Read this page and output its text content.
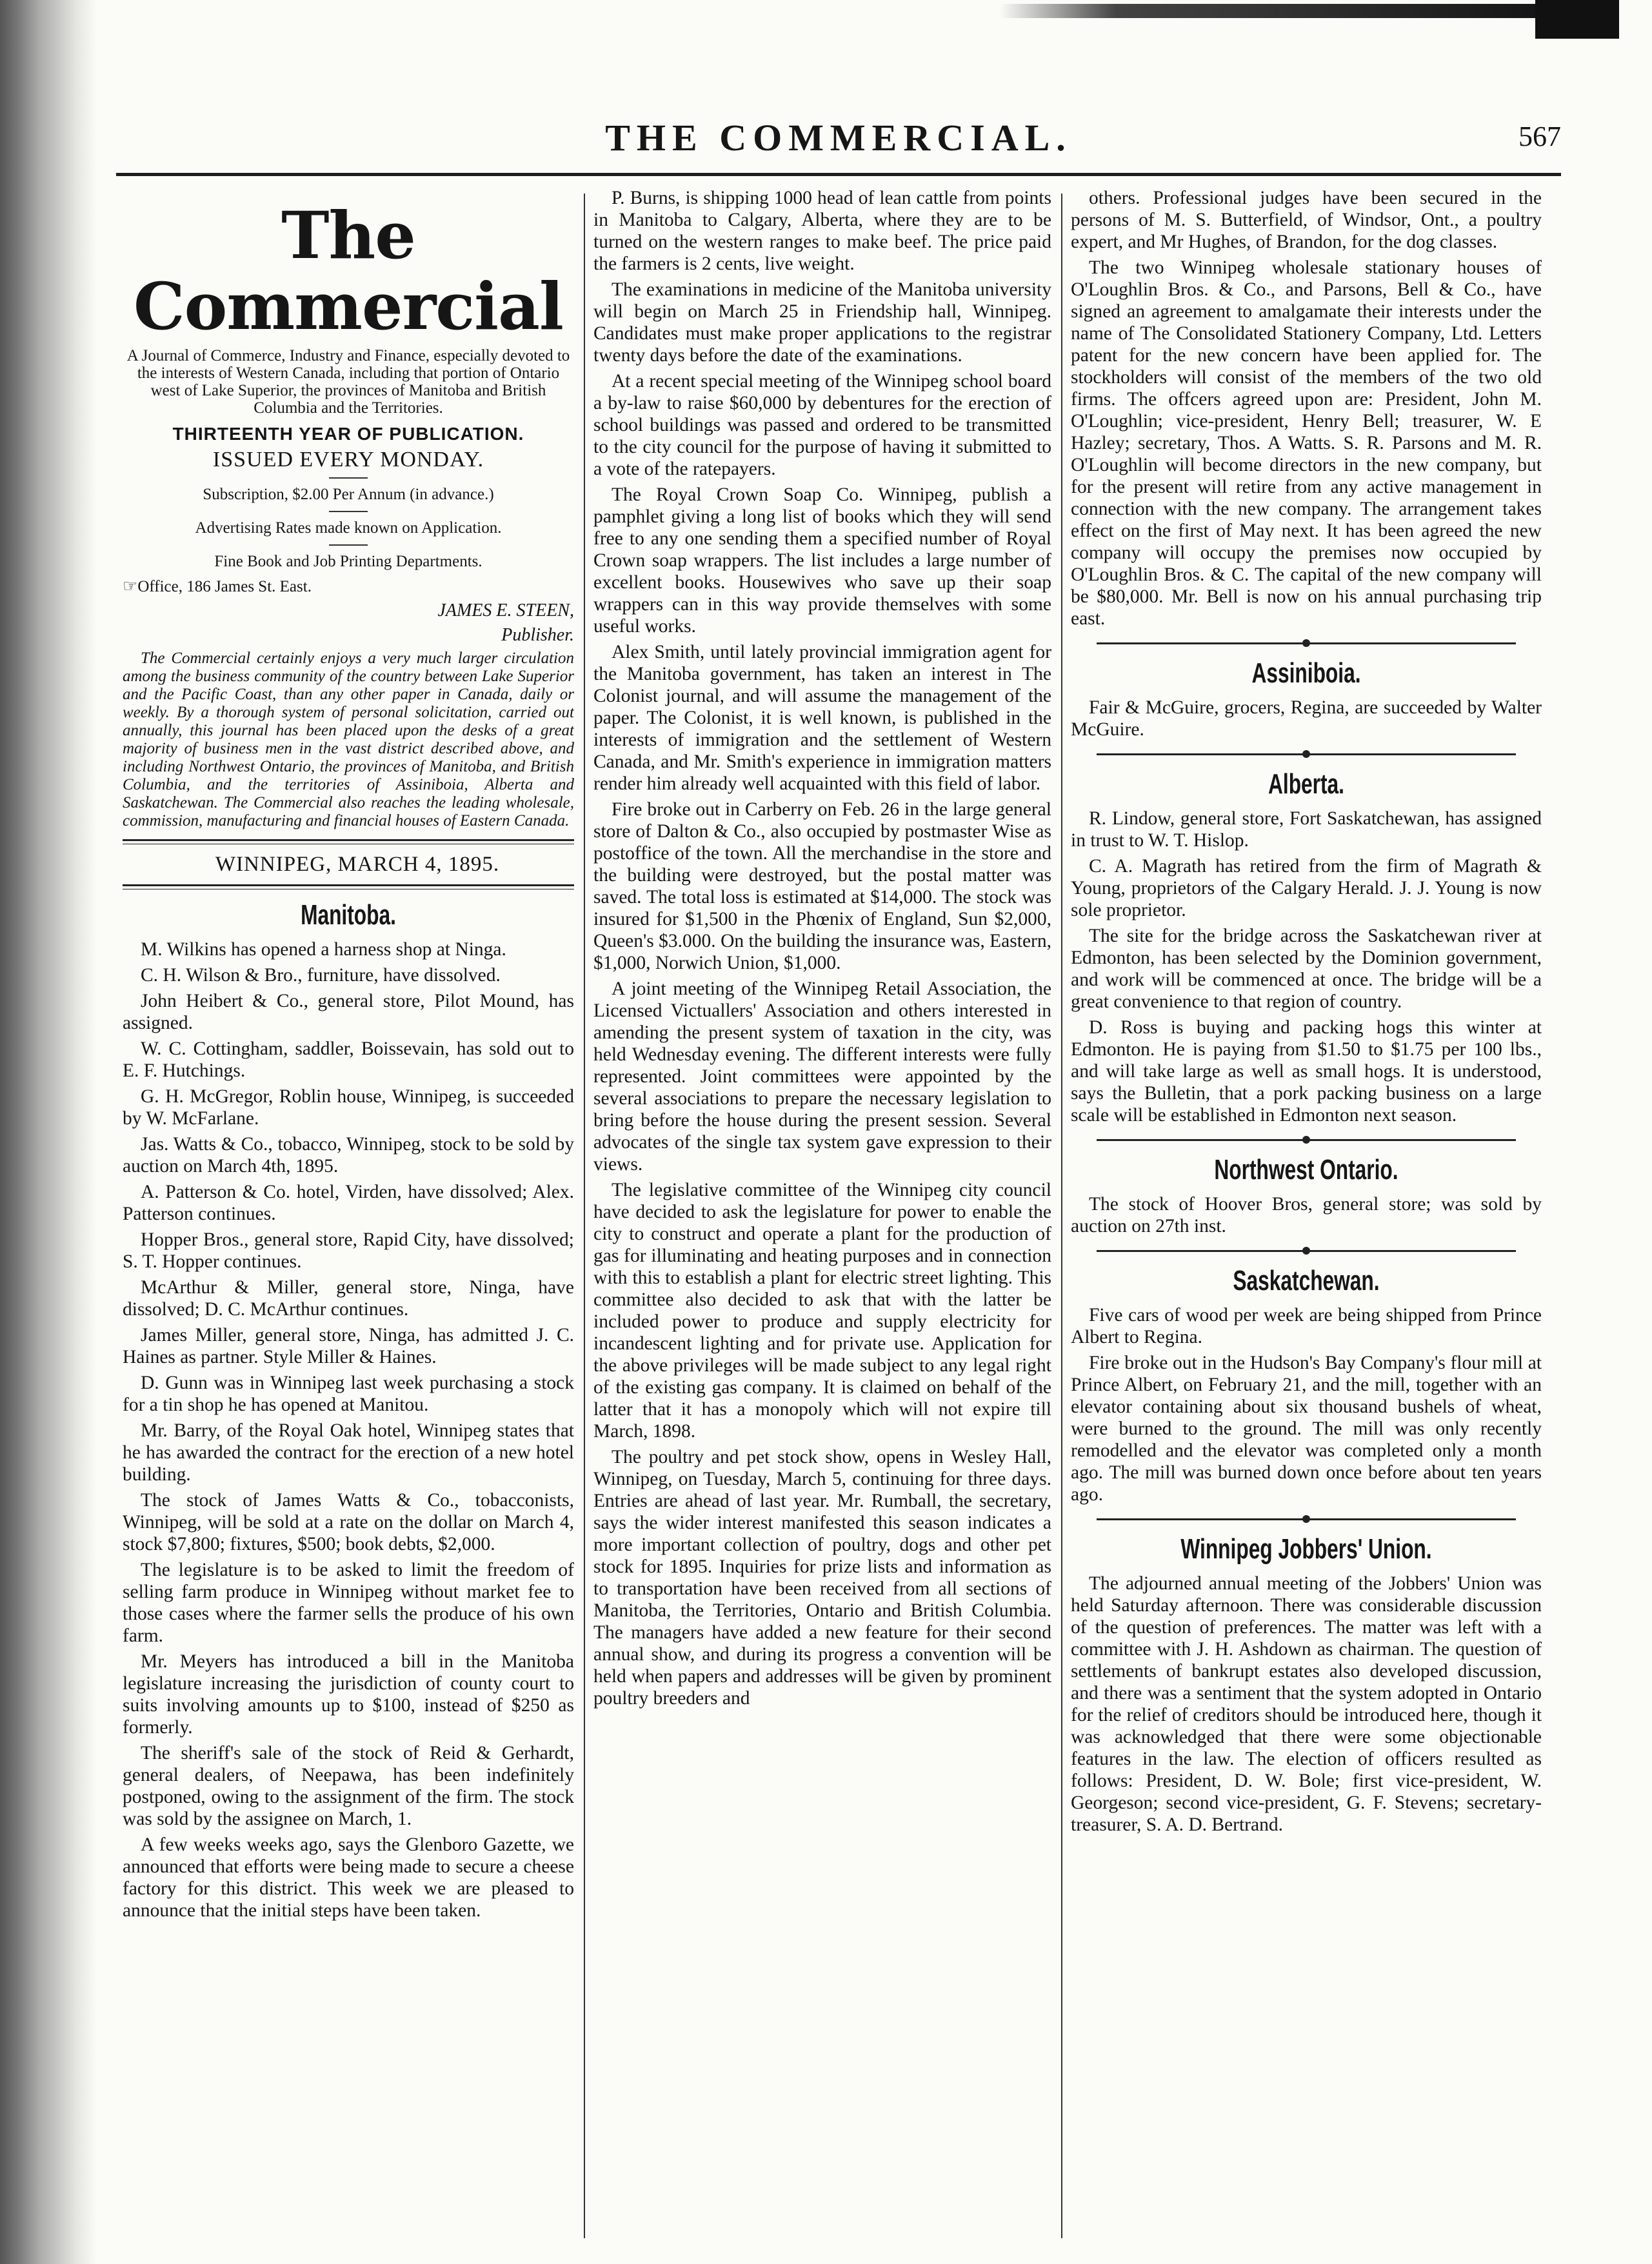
THE COMMERCIAL.	567
The Commercial

A Journal of Commerce, Industry and Finance, especially devoted to the interests of Western Canada, including that portion of Ontario west of Lake Superior, the provinces of Manitoba and British Columbia and the Territories.

THIRTEENTH YEAR OF PUBLICATION.

ISSUED EVERY MONDAY.

Subscription, $2.00 Per Annum (in advance.)

Advertising Rates made known on Application.

Fine Book and Job Printing Departments.

☞Office, 186 James St. East.

JAMES E. STEEN,

Publisher.

The Commercial certainly enjoys a very much larger circulation among the business community of the country between Lake Superior and the Pacific Coast, than any other paper in Canada, daily or weekly. By a thorough system of personal solicitation, carried out annually, this journal has been placed upon the desks of a great majority of business men in the vast district described above, and including Northwest Ontario, the provinces of Manitoba, and British Columbia, and the territories of Assiniboia, Alberta and Saskatchewan. The Commercial also reaches the leading wholesale, commission, manufacturing and financial houses of Eastern Canada.

WINNIPEG, MARCH 4, 1895.

Manitoba.

M. Wilkins has opened a harness shop at Ninga.

C. H. Wilson & Bro., furniture, have dissolved.

John Heibert & Co., general store, Pilot Mound, has assigned.

W. C. Cottingham, saddler, Boissevain, has sold out to E. F. Hutchings.

G. H. McGregor, Roblin house, Winnipeg, is succeeded by W. McFarlane.

Jas. Watts & Co., tobacco, Winnipeg, stock to be sold by auction on March 4th, 1895.

A. Patterson & Co. hotel, Virden, have dissolved; Alex. Patterson continues.

Hopper Bros., general store, Rapid City, have dissolved; S. T. Hopper continues.

McArthur & Miller, general store, Ninga, have dissolved; D. C. McArthur continues.

James Miller, general store, Ninga, has admitted J. C. Haines as partner. Style Miller & Haines.

D. Gunn was in Winnipeg last week purchasing a stock for a tin shop he has opened at Manitou.

Mr. Barry, of the Royal Oak hotel, Winnipeg states that he has awarded the contract for the erection of a new hotel building.

The stock of James Watts & Co., tobacconists, Winnipeg, will be sold at a rate on the dollar on March 4, stock $7,800; fixtures, $500; book debts, $2,000.

The legislature is to be asked to limit the freedom of selling farm produce in Winnipeg without market fee to those cases where the farmer sells the produce of his own farm.

Mr. Meyers has introduced a bill in the Manitoba legislature increasing the jurisdiction of county court to suits involving amounts up to $100, instead of $250 as formerly.

The sheriff's sale of the stock of Reid & Gerhardt, general dealers, of Neepawa, has been indefinitely postponed, owing to the assignment of the firm. The stock was sold by the assignee on March, 1.

A few weeks weeks ago, says the Glenboro Gazette, we announced that efforts were being made to secure a cheese factory for this district. This week we are pleased to announce that the initial steps have been taken.

P. Burns, is shipping 1000 head of lean cattle from points in Manitoba to Calgary, Alberta, where they are to be turned on the western ranges to make beef. The price paid the farmers is 2 cents, live weight.

The examinations in medicine of the Manitoba university will begin on March 25 in Friendship hall, Winnipeg. Candidates must make proper applications to the registrar twenty days before the date of the examinations.

At a recent special meeting of the Winnipeg school board a by-law to raise $60,000 by debentures for the erection of school buildings was passed and ordered to be transmitted to the city council for the purpose of having it submitted to a vote of the ratepayers.

The Royal Crown Soap Co. Winnipeg, publish a pamphlet giving a long list of books which they will send free to any one sending them a specified number of Royal Crown soap wrappers. The list includes a large number of excellent books. Housewives who save up their soap wrappers can in this way provide themselves with some useful works.

Alex Smith, until lately provincial immigration agent for the Manitoba government, has taken an interest in The Colonist journal, and will assume the management of the paper. The Colonist, it is well known, is published in the interests of immigration and the settlement of Western Canada, and Mr. Smith's experience in immigration matters render him already well acquainted with this field of labor.

Fire broke out in Carberry on Feb. 26 in the large general store of Dalton & Co., also occupied by postmaster Wise as postoffice of the town. All the merchandise in the store and the building were destroyed, but the postal matter was saved. The total loss is estimated at $14,000. The stock was insured for $1,500 in the Phœnix of England, Sun $2,000, Queen's $3.000. On the building the insurance was, Eastern, $1,000, Norwich Union, $1,000.

A joint meeting of the Winnipeg Retail Association, the Licensed Victuallers' Association and others interested in amending the present system of taxation in the city, was held Wednesday evening. The different interests were fully represented. Joint committees were appointed by the several associations to prepare the necessary legislation to bring before the house during the present session. Several advocates of the single tax system gave expression to their views.

The legislative committee of the Winnipeg city council have decided to ask the legislature for power to enable the city to construct and operate a plant for the production of gas for illuminating and heating purposes and in connection with this to establish a plant for electric street lighting. This committee also decided to ask that with the latter be included power to produce and supply electricity for incandescent lighting and for private use. Application for the above privileges will be made subject to any legal right of the existing gas company. It is claimed on behalf of the latter that it has a monopoly which will not expire till March, 1898.

The poultry and pet stock show, opens in Wesley Hall, Winnipeg, on Tuesday, March 5, continuing for three days. Entries are ahead of last year. Mr. Rumball, the secretary, says the wider interest manifested this season indicates a more important collection of poultry, dogs and other pet stock for 1895. Inquiries for prize lists and information as to transportation have been received from all sections of Manitoba, the Territories, Ontario and British Columbia. The managers have added a new feature for their second annual show, and during its progress a convention will be held when papers and addresses will be given by prominent poultry breeders and

others. Professional judges have been secured in the persons of M. S. Butterfield, of Windsor, Ont., a poultry expert, and Mr Hughes, of Brandon, for the dog classes.

The two Winnipeg wholesale stationary houses of O'Loughlin Bros. & Co., and Parsons, Bell & Co., have signed an agreement to amalgamate their interests under the name of The Consolidated Stationery Company, Ltd. Letters patent for the new concern have been applied for. The stockholders will consist of the members of the two old firms. The offcers agreed upon are: President, John M. O'Loughlin; vice-president, Henry Bell; treasurer, W. E Hazley; secretary, Thos. A Watts. S. R. Parsons and M. R. O'Loughlin will become directors in the new company, but for the present will retire from any active management in connection with the new company. The arrangement takes effect on the first of May next. It has been agreed the new company will occupy the premises now occupied by O'Loughlin Bros. & C. The capital of the new company will be $80,000. Mr. Bell is now on his annual purchasing trip east.

Assiniboia.

Fair & McGuire, grocers, Regina, are succeeded by Walter McGuire.

Alberta.

R. Lindow, general store, Fort Saskatchewan, has assigned in trust to W. T. Hislop.

C. A. Magrath has retired from the firm of Magrath & Young, proprietors of the Calgary Herald. J. J. Young is now sole proprietor.

The site for the bridge across the Saskatchewan river at Edmonton, has been selected by the Dominion government, and work will be commenced at once. The bridge will be a great convenience to that region of country.

D. Ross is buying and packing hogs this winter at Edmonton. He is paying from $1.50 to $1.75 per 100 lbs., and will take large as well as small hogs. It is understood, says the Bulletin, that a pork packing business on a large scale will be established in Edmonton next season.

Northwest Ontario.

The stock of Hoover Bros, general store; was sold by auction on 27th inst.

Saskatchewan.

Five cars of wood per week are being shipped from Prince Albert to Regina.

Fire broke out in the Hudson's Bay Company's flour mill at Prince Albert, on February 21, and the mill, together with an elevator containing about six thousand bushels of wheat, were burned to the ground. The mill was only recently remodelled and the elevator was completed only a month ago. The mill was burned down once before about ten years ago.

Winnipeg Jobbers' Union.

The adjourned annual meeting of the Jobbers' Union was held Saturday afternoon. There was considerable discussion of the question of preferences. The matter was left with a committee with J. H. Ashdown as chairman. The question of settlements of bankrupt estates also developed discussion, and there was a sentiment that the system adopted in Ontario for the relief of creditors should be introduced here, though it was acknowledged that there were some objectionable features in the law. The election of officers resulted as follows: President, D. W. Bole; first vice-president, W. Georgeson; second vice-president, G. F. Stevens; secretary-treasurer, S. A. D. Bertrand.
